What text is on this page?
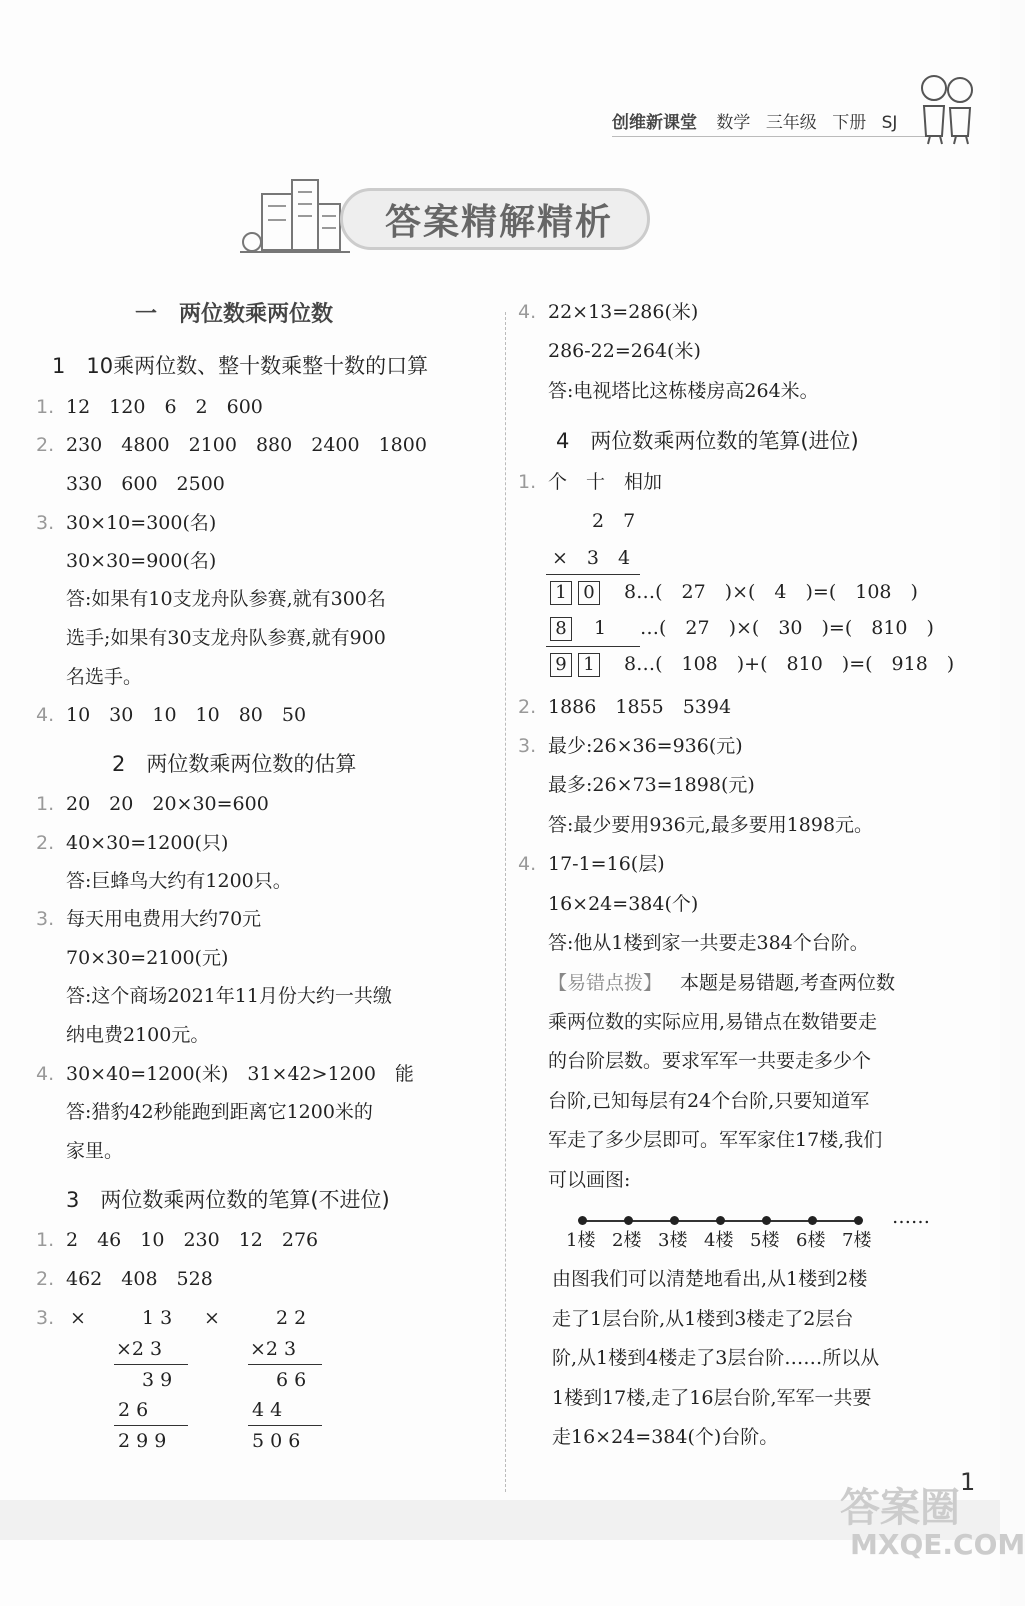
创维新课堂 数学 三年级 下册 SJ
答案精解精析
一　两位数乘两位数
1　10乘两位数、整十数乘整十数的口算
1. 12　120　6　2　600
2. 230　4800　2100　880　2400　1800
330　600　2500
3. 30×10=300(名)
30×30=900(名)
答:如果有10支龙舟队参赛,就有300名
选手;如果有30支龙舟队参赛,就有900
名选手。
4. 10　30　10　10　80　50
2　两位数乘两位数的估算
1. 20　20　20×30=600
2. 40×30=1200(只)
答:巨蜂鸟大约有1200只。
3. 每天用电费用大约70元
70×30=2100(元)
答:这个商场2021年11月份大约一共缴
纳电费2100元。
4. 30×40=1200(米)　31×42>1200　能
答:猎豹42秒能跑到距离它1200米的
家里。
3　两位数乘两位数的笔算(不进位)
1. 2　46　10　230　12　276
2. 462　408　528
3. ×	×
1 3
×2 3
3 9
2 6
2 9 9
2 2
×2 3
6 6
4 4
5 0 6
4. 22×13=286(米)
286-22=264(米)
答:电视塔比这栋楼房高264米。
4　两位数乘两位数的笔算(进位)
1. 个　十　相加
2　7
×　3　4
1 0	8…(　27　)×(　4　)=(　108　)
8	1 …(　27　)×(　30　)=(　810　)
9 1	8…(　108　)+(　810　)=(　918　)
2. 1886　1855　5394
3. 最少:26×36=936(元)
最多:26×73=1898(元)
答:最少要用936元,最多要用1898元。
4. 17-1=16(层)
16×24=384(个)
答:他从1楼到家一共要走384个台阶。
【易错点拨】 本题是易错题,考查两位数
乘两位数的实际应用,易错点在数错要走
的台阶层数。要求军军一共要走多少个
台阶,已知每层有24个台阶,只要知道军
军走了多少层即可。军军家住17楼,我们
可以画图:
……
1楼 2楼 3楼 4楼 5楼 6楼 7楼
由图我们可以清楚地看出,从1楼到2楼
走了1层台阶,从1楼到3楼走了2层台
阶,从1楼到4楼走了3层台阶……所以从
1楼到17楼,走了16层台阶,军军一共要
走16×24=384(个)台阶。
1
答案圈
MXQE.COM
